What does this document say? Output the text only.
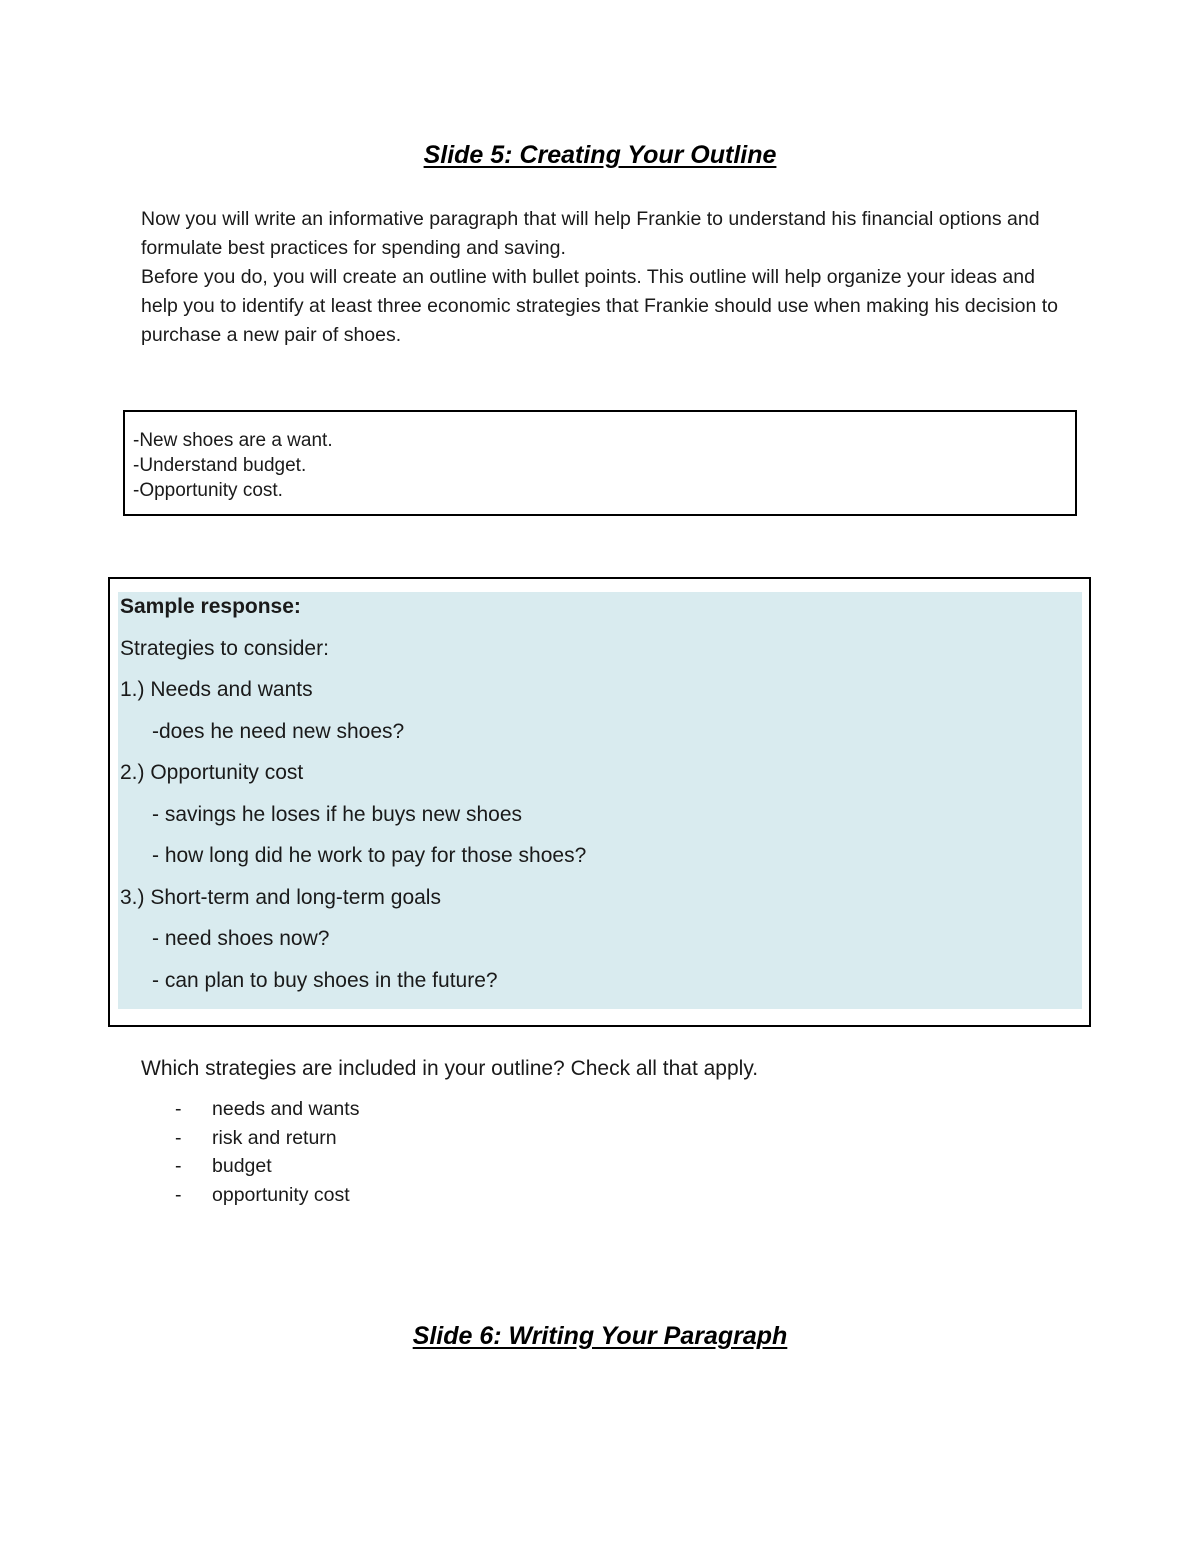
Slide 5: Creating Your Outline

Now you will write an informative paragraph that will help Frankie to understand his financial options and formulate best practices for spending and saving.

Before you do, you will create an outline with bullet points. This outline will help organize your ideas and help you to identify at least three economic strategies that Frankie should use when making his decision to purchase a new pair of shoes.

-New shoes are a want.
-Understand budget.
-Opportunity cost.
Sample response:
Strategies to consider:
1.) Needs and wants
-does he need new shoes?
2.) Opportunity cost
- savings he loses if he buys new shoes
- how long did he work to pay for those shoes?
3.) Short-term and long-term goals
- need shoes now?
- can plan to buy shoes in the future?

Which strategies are included in your outline? Check all that apply.

- needs and wants
- risk and return
- budget
- opportunity cost
Slide 6: Writing Your Paragraph
